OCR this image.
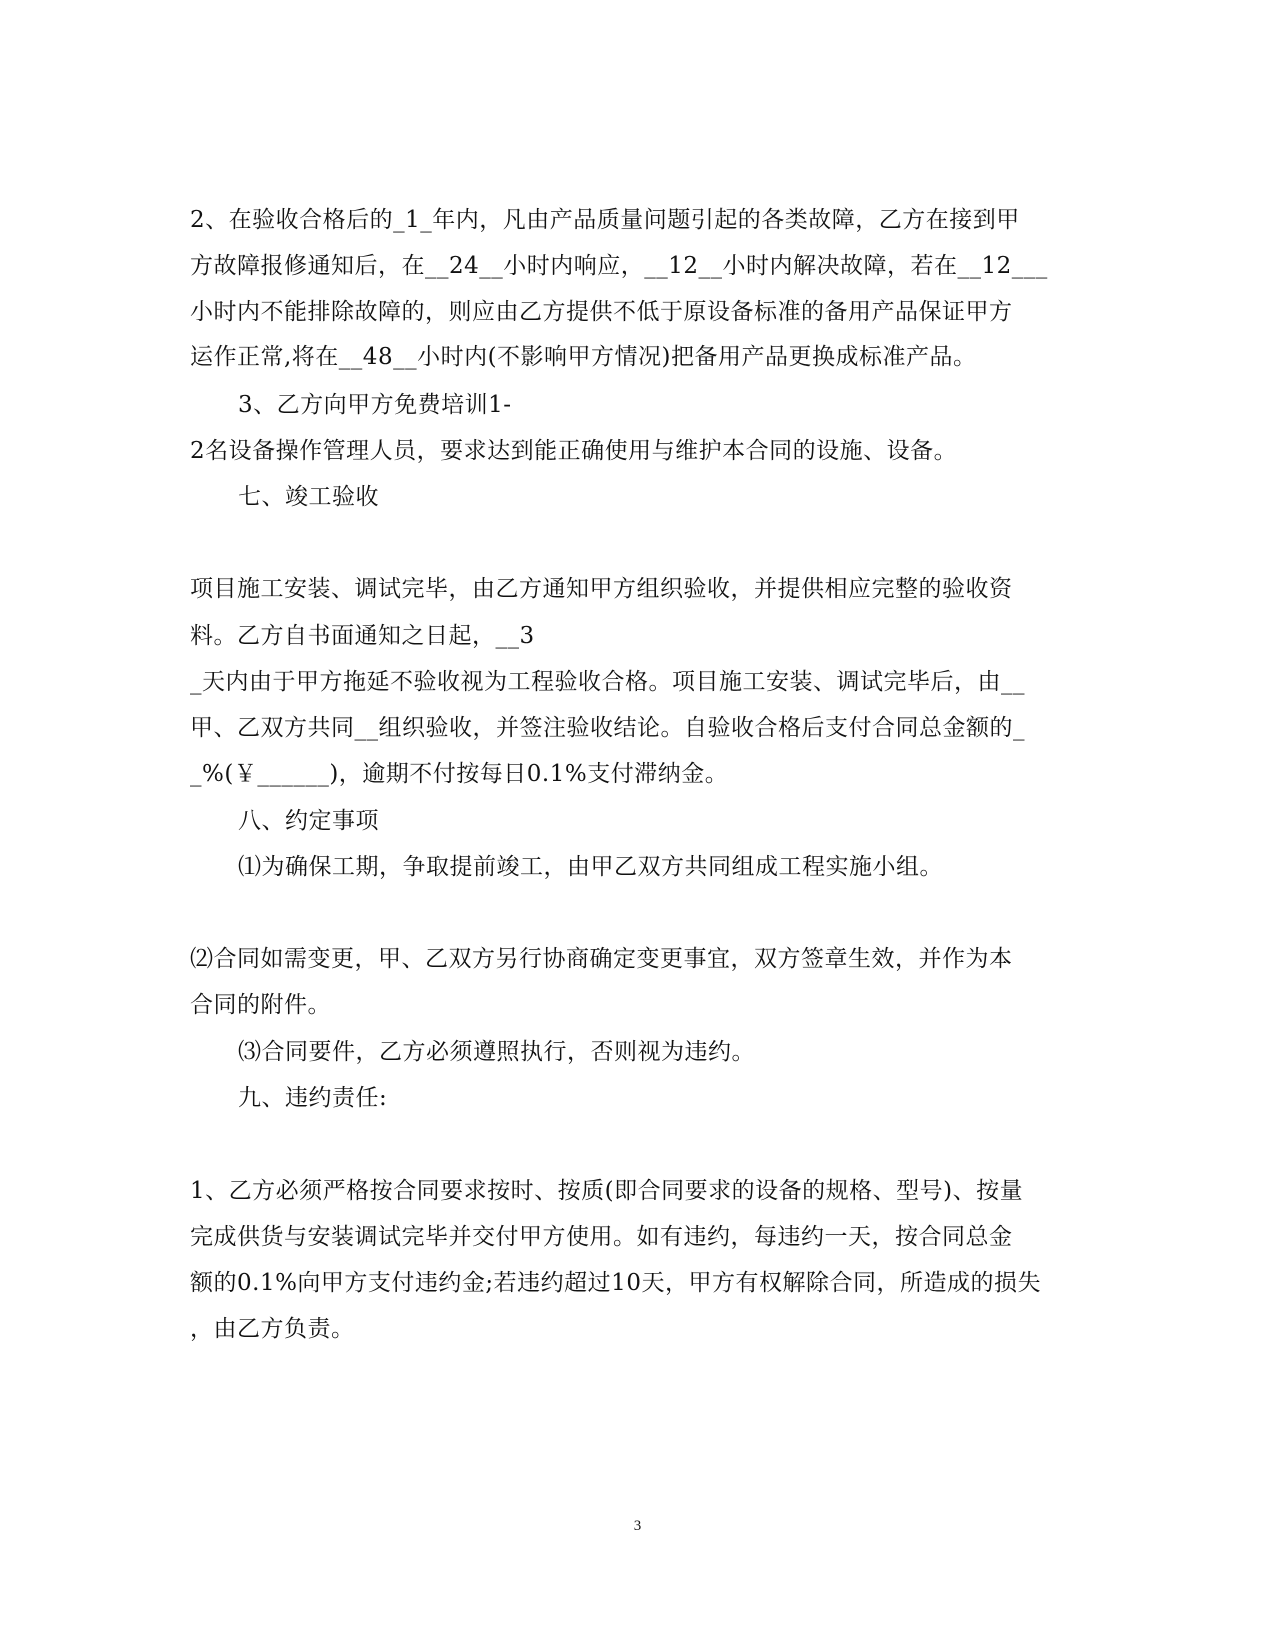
2、在验收合格后的_1_年内，凡由产品质量问题引起的各类故障，乙方在接到甲
方故障报修通知后，在__24__小时内响应，__12__小时内解决故障，若在__12___
小时内不能排除故障的，则应由乙方提供不低于原设备标准的备用产品保证甲方
运作正常,将在__48__小时内(不影响甲方情况)把备用产品更换成标准产品。
3、乙方向甲方免费培训1-
2名设备操作管理人员，要求达到能正确使用与维护本合同的设施、设备。
七、竣工验收
项目施工安装、调试完毕，由乙方通知甲方组织验收，并提供相应完整的验收资
料。乙方自书面通知之日起，__3
_天内由于甲方拖延不验收视为工程验收合格。项目施工安装、调试完毕后，由__
甲、乙双方共同__组织验收，并签注验收结论。自验收合格后支付合同总金额的_
_%(￥______)，逾期不付按每日0.1%支付滞纳金。
八、约定事项
⑴为确保工期，争取提前竣工，由甲乙双方共同组成工程实施小组。
⑵合同如需变更，甲、乙双方另行协商确定变更事宜，双方签章生效，并作为本
合同的附件。
⑶合同要件，乙方必须遵照执行，否则视为违约。
九、违约责任:
1、乙方必须严格按合同要求按时、按质(即合同要求的设备的规格、型号)、按量
完成供货与安装调试完毕并交付甲方使用。如有违约，每违约一天，按合同总金
额的0.1%向甲方支付违约金;若违约超过10天，甲方有权解除合同，所造成的损失
，由乙方负责。
3
